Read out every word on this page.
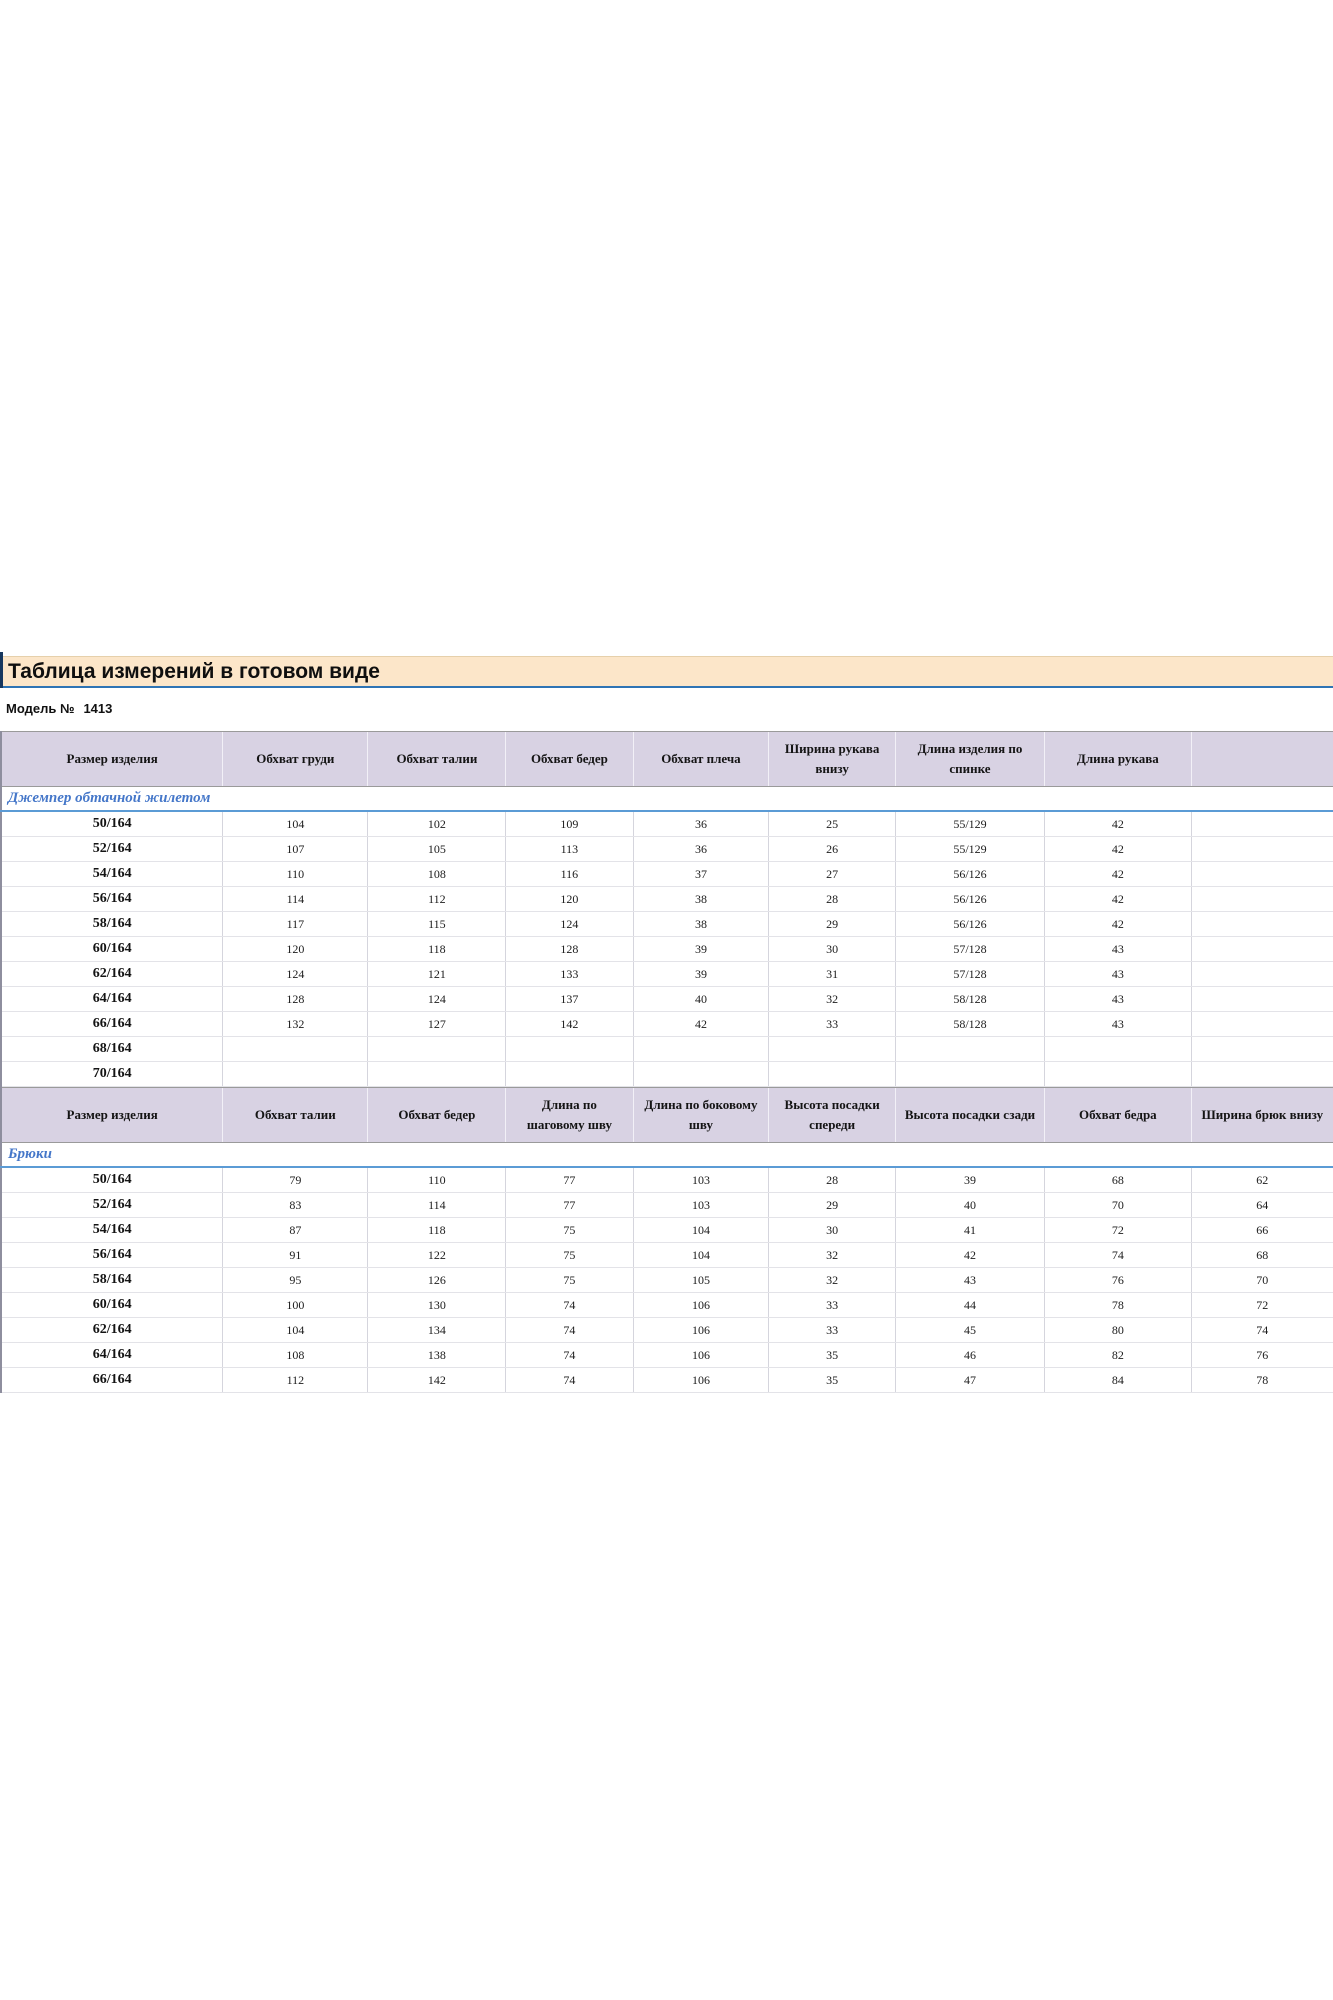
Таблица измерений в готовом виде
Модель № 1413
Размер изделия	Обхват груди	Обхват талии	Обхват бедер	Обхват плеча	Ширина рукава внизу	Длина изделия по спинке	Длина рукава	
Джемпер обтачной жилетом								
50/164	104	102	109	36	25	55/129	42	
52/164	107	105	113	36	26	55/129	42	
54/164	110	108	116	37	27	56/126	42	
56/164	114	112	120	38	28	56/126	42	
58/164	117	115	124	38	29	56/126	42	
60/164	120	118	128	39	30	57/128	43	
62/164	124	121	133	39	31	57/128	43	
64/164	128	124	137	40	32	58/128	43	
66/164	132	127	142	42	33	58/128	43	
68/164								
70/164								
Размер изделия	Обхват талии	Обхват бедер	Длина по шаговому шву	Длина по боковому шву	Высота посадки спереди	Высота посадки сзади	Обхват бедра	Ширина брюк внизу
Брюки								
50/164	79	110	77	103	28	39	68	62
52/164	83	114	77	103	29	40	70	64
54/164	87	118	75	104	30	41	72	66
56/164	91	122	75	104	32	42	74	68
58/164	95	126	75	105	32	43	76	70
60/164	100	130	74	106	33	44	78	72
62/164	104	134	74	106	33	45	80	74
64/164	108	138	74	106	35	46	82	76
66/164	112	142	74	106	35	47	84	78
